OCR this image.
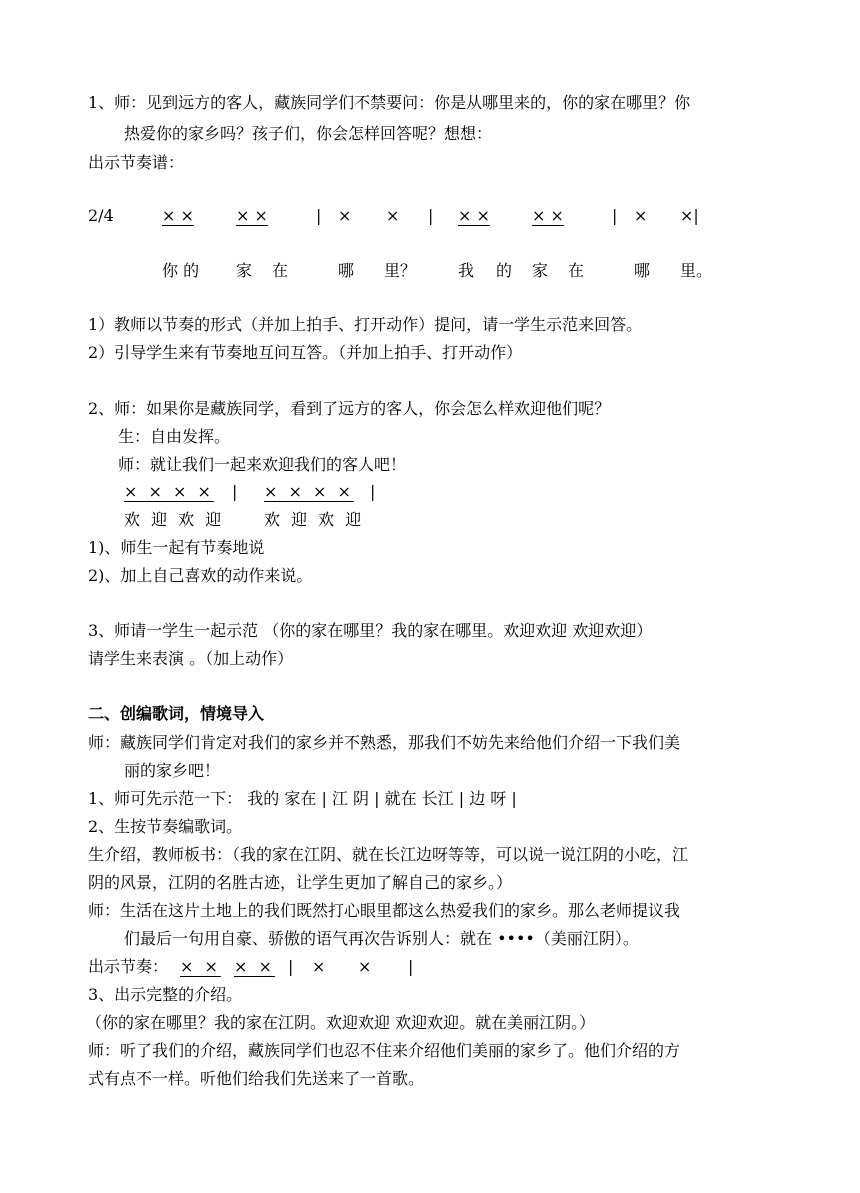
1、师：见到远方的客人，藏族同学们不禁要问：你是从哪里来的，你的家在哪里？你
热爱你的家乡吗？孩子们，你会怎样回答呢？想想：
出示节奏谱：
2/4	× ×	× ×	| × × | × ×	× ×	| × ×|
你 的 家 在	哪 里？	我 的 家 在	哪 里。
1）教师以节奏的形式（并加上拍手、打开动作）提问，请一学生示范来回答。
2）引导学生来有节奏地互问互答。（并加上拍手、打开动作）
2、师：如果你是藏族同学，看到了远方的客人，你会怎么样欢迎他们呢？
生：自由发挥。
师：就让我们一起来欢迎我们的客人吧！
× × × × | × × × × |
欢 迎 欢 迎 欢 迎 欢 迎
1)、师生一起有节奏地说
2)、加上自己喜欢的动作来说。
3、师请一学生一起示范 （你的家在哪里？我的家在哪里。欢迎欢迎 欢迎欢迎）
请学生来表演 。（加上动作）
二、创编歌词，情境导入
师：藏族同学们肯定对我们的家乡并不熟悉，那我们不妨先来给他们介绍一下我们美
丽的家乡吧！
1、师可先示范一下： 我的 家在 | 江 阴 | 就在 长江 | 边 呀 |
2、生按节奏编歌词。
生介绍，教师板书：（我的家在江阴、就在长江边呀等等，可以说一说江阴的小吃，江
阴的风景，江阴的名胜古迹，让学生更加了解自己的家乡。）
师：生活在这片土地上的我们既然打心眼里都这么热爱我们的家乡。那么老师提议我
们最后一句用自豪、骄傲的语气再次告诉别人：就在 ••••（美丽江阴）。
出示节奏： × × × × | × × |
3、出示完整的介绍。
（你的家在哪里？我的家在江阴。欢迎欢迎 欢迎欢迎。就在美丽江阴。）
师：听了我们的介绍，藏族同学们也忍不住来介绍他们美丽的家乡了。他们介绍的方
式有点不一样。听他们给我们先送来了一首歌。
